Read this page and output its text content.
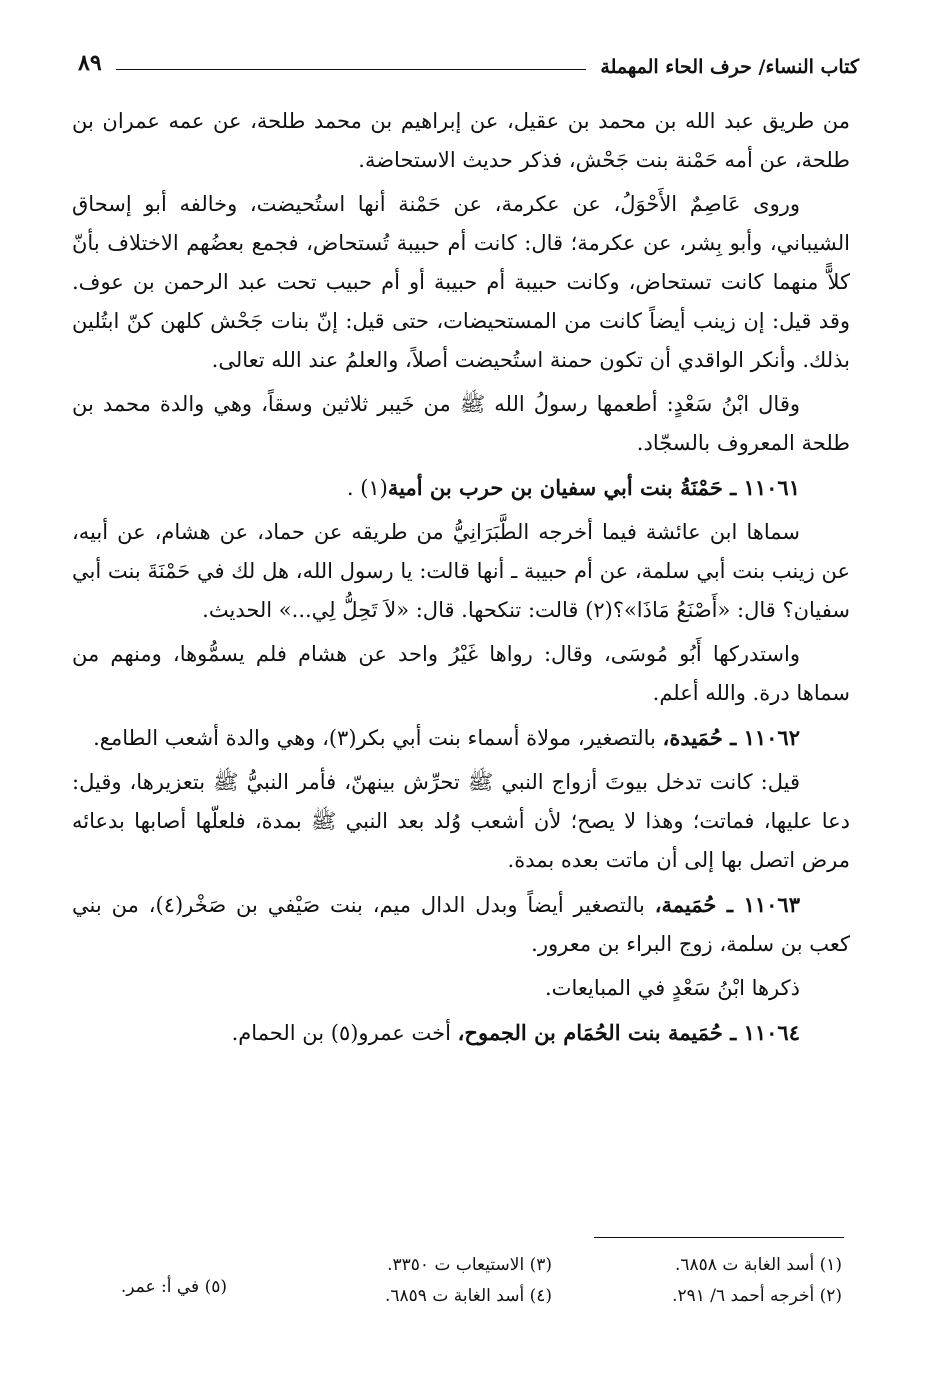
كتاب النساء/ حرف الحاء المهملة
٨٩

من طريق عبد الله بن محمد بن عقيل، عن إبراهيم بن محمد طلحة، عن عمه عمران بن طلحة، عن أمه حَمْنة بنت جَحْش، فذكر حديث الاستحاضة.

وروى عَاصِمٌ الأَحْوَلُ، عن عكرمة، عن حَمْنة أنها استُحيضت، وخالفه أبو إسحاق الشيباني، وأبو بِشر، عن عكرمة؛ قال: كانت أم حبيبة تُستحاض، فجمع بعضُهم الاختلاف بأنّ كلاًّ منهما كانت تستحاض، وكانت حبيبة أم حبيبة أو أم حبيب تحت عبد الرحمن بن عوف. وقد قيل: إن زينب أيضاً كانت من المستحيضات، حتى قيل: إنّ بنات جَحْش كلهن كنّ ابتُلين بذلك. وأنكر الواقدي أن تكون حمنة استُحيضت أصلاً، والعلمُ عند الله تعالى.

وقال ابْنُ سَعْدٍ: أطعمها رسولُ الله ﷺ من خَيبر ثلاثين وسقاً، وهي والدة محمد بن طلحة المعروف بالسجّاد.

١١٠٦١ ـ حَمْنَةُ بنت أبي سفيان بن حرب بن أمية(١) .

سماها ابن عائشة فيما أخرجه الطَّبَرَانِيُّ من طريقه عن حماد، عن هشام، عن أبيه، عن زينب بنت أبي سلمة، عن أم حبيبة ـ أنها قالت: يا رسول الله، هل لك في حَمْنَةَ بنت أبي سفيان؟ قال: «أَصْنَعُ مَاذَا»؟(٢) قالت: تنكحها. قال: «لاَ تَحِلُّ لِي...» الحديث.

واستدركها أَبُو مُوسَى، وقال: رواها غَيْرُ واحد عن هشام فلم يسمُّوها، ومنهم من سماها درة. والله أعلم.

١١٠٦٢ ـ حُمَيدة، بالتصغير، مولاة أسماء بنت أبي بكر(٣)، وهي والدة أشعب الطامع.

قيل: كانت تدخل بيوتَ أزواج النبي ﷺ تحرِّش بينهنّ، فأمر النبيُّ ﷺ بتعزيرها، وقيل: دعا عليها، فماتت؛ وهذا لا يصح؛ لأن أشعب وُلد بعد النبي ﷺ بمدة، فلعلّها أصابها بدعائه مرض اتصل بها إلى أن ماتت بعده بمدة.

١١٠٦٣ ـ حُمَيمة، بالتصغير أيضاً وبدل الدال ميم، بنت صَيْفي بن صَخْر(٤)، من بني كعب بن سلمة، زوج البراء بن معرور.

ذكرها ابْنُ سَعْدٍ في المبايعات.

١١٠٦٤ ـ حُمَيمة بنت الحُمَام بن الجموح، أخت عمرو(٥) بن الحمام.

(١) أسد الغابة ت ٦٨٥٨.
(٢) أخرجه أحمد ٦/ ٢٩١.
(٣) الاستيعاب ت ٣٣٥٠.
(٤) أسد الغابة ت ٦٨٥٩.
(٥) في أ: عمر.
